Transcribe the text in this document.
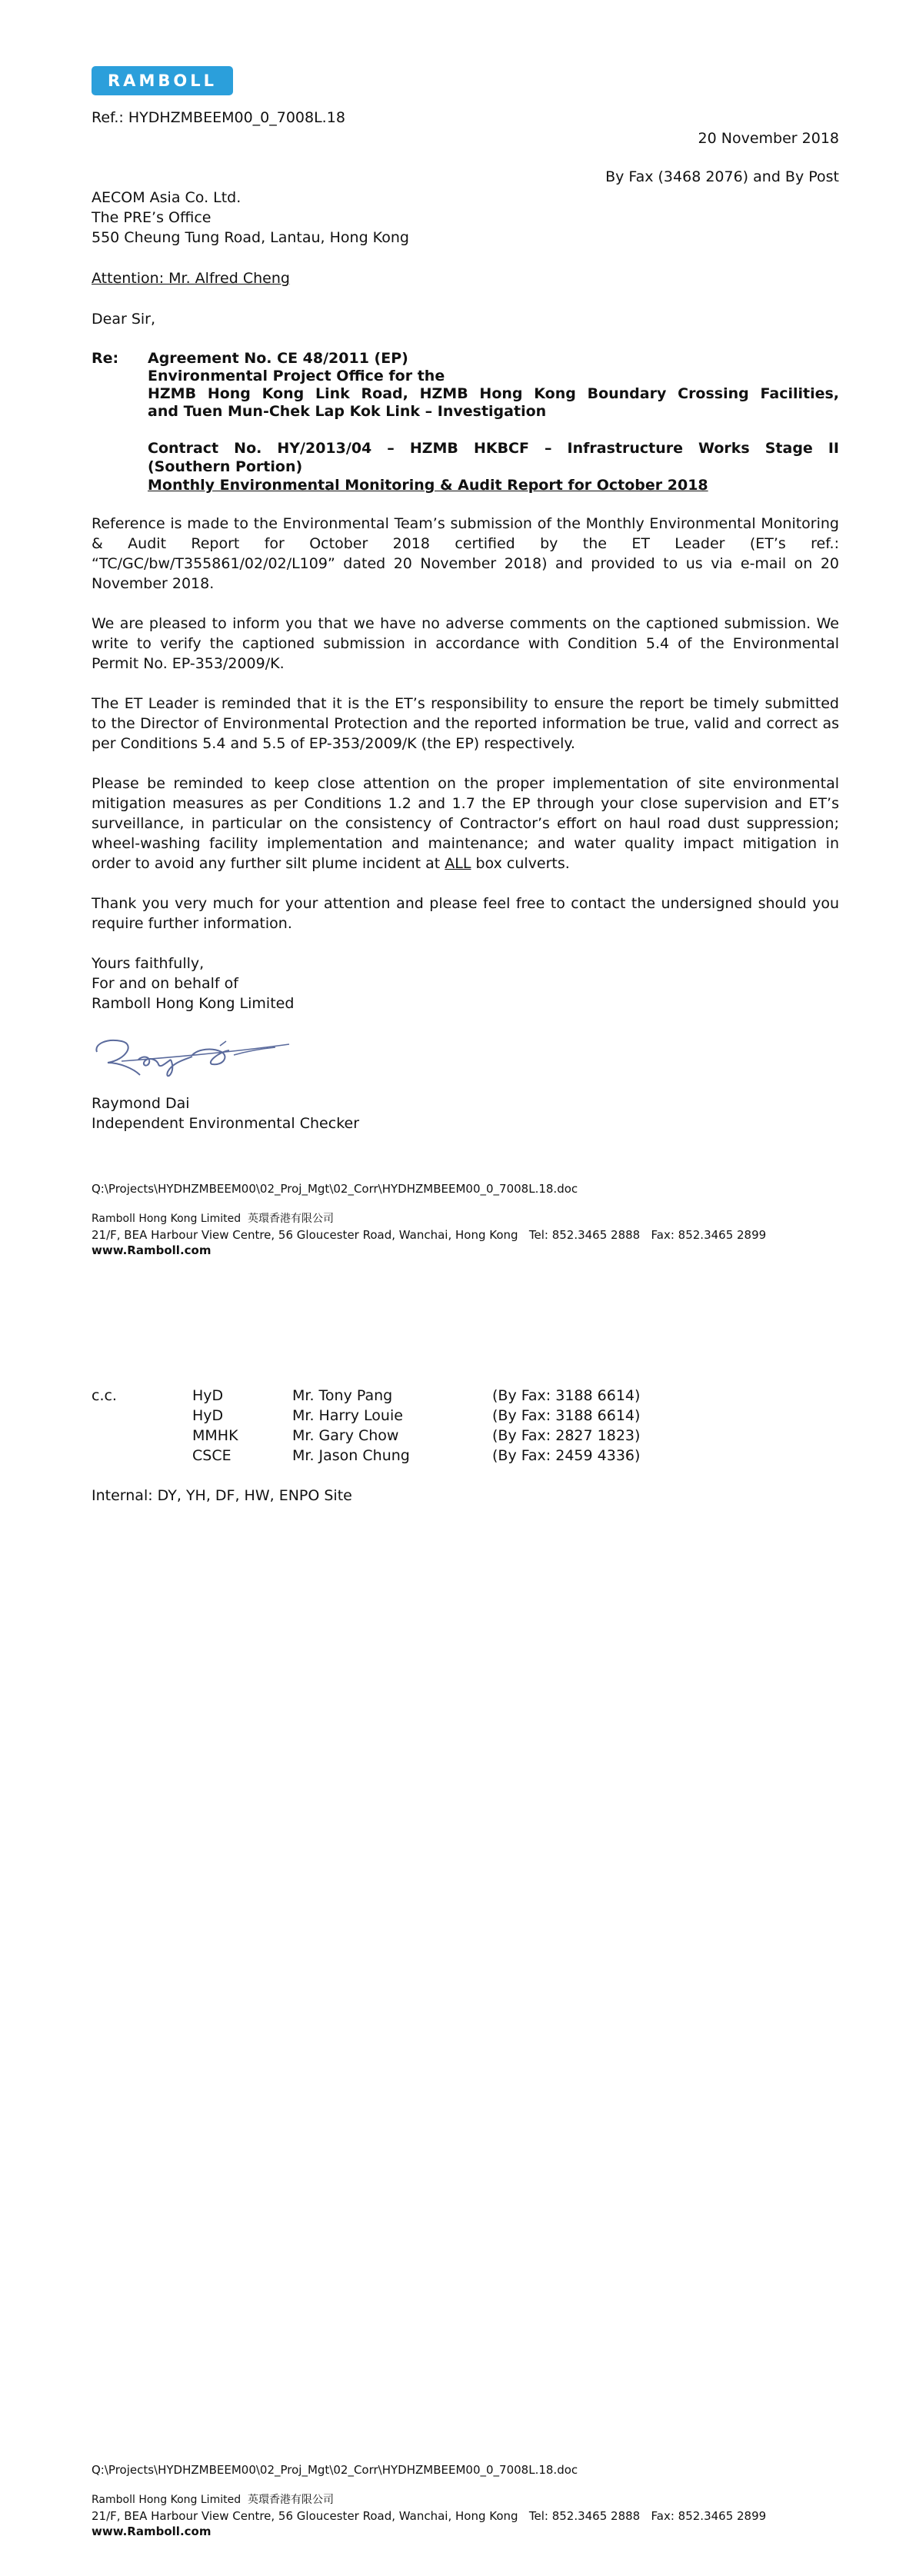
RAMBOLL
Ref.: HYDHZMBEEM00_0_7008L.18
20 November 2018
By Fax (3468 2076) and By Post
AECOM Asia Co. Ltd.
The PRE’s Office
550 Cheung Tung Road, Lantau, Hong Kong
Attention: Mr. Alfred Cheng
Dear Sir,
Re: Agreement No. CE 48/2011 (EP)
Environmental Project Office for the
HZMB Hong Kong Link Road, HZMB Hong Kong Boundary Crossing Facilities,
and Tuen Mun-Chek Lap Kok Link – Investigation
Contract No. HY/2013/04 – HZMB HKBCF – Infrastructure Works Stage II
(Southern Portion)
Monthly Environmental Monitoring & Audit Report for October 2018
Reference is made to the Environmental Team’s submission of the Monthly Environmental Monitoring & Audit Report for October 2018 certified by the ET Leader (ET’s ref.: “TC/GC/bw/T355861/02/02/L109” dated 20 November 2018) and provided to us via e-mail on 20 November 2018.
We are pleased to inform you that we have no adverse comments on the captioned submission. We write to verify the captioned submission in accordance with Condition 5.4 of the Environmental Permit No. EP-353/2009/K.
The ET Leader is reminded that it is the ET’s responsibility to ensure the report be timely submitted to the Director of Environmental Protection and the reported information be true, valid and correct as per Conditions 5.4 and 5.5 of EP-353/2009/K (the EP) respectively.
Please be reminded to keep close attention on the proper implementation of site environmental mitigation measures as per Conditions 1.2 and 1.7 the EP through your close supervision and ET’s surveillance, in particular on the consistency of Contractor’s effort on haul road dust suppression; wheel-washing facility implementation and maintenance; and water quality impact mitigation in order to avoid any further silt plume incident at ALL box culverts.
Thank you very much for your attention and please feel free to contact the undersigned should you require further information.
Yours faithfully,
For and on behalf of
Ramboll Hong Kong Limited
Raymond Dai
Independent Environmental Checker
Q:\Projects\HYDHZMBEEM00\02_Proj_Mgt\02_Corr\HYDHZMBEEM00_0_7008L.18.doc
Ramboll Hong Kong Limited 英環香港有限公司
21/F, BEA Harbour View Centre, 56 Gloucester Road, Wanchai, Hong Kong Tel: 852.3465 2888 Fax: 852.3465 2899
www.Ramboll.com
c.c.	HyD	Mr. Tony Pang	(By Fax: 3188 6614)
HyD	Mr. Harry Louie	(By Fax: 3188 6614)
MMHK	Mr. Gary Chow	(By Fax: 2827 1823)
CSCE	Mr. Jason Chung	(By Fax: 2459 4336)
Internal: DY, YH, DF, HW, ENPO Site
Q:\Projects\HYDHZMBEEM00\02_Proj_Mgt\02_Corr\HYDHZMBEEM00_0_7008L.18.doc
Ramboll Hong Kong Limited 英環香港有限公司
21/F, BEA Harbour View Centre, 56 Gloucester Road, Wanchai, Hong Kong Tel: 852.3465 2888 Fax: 852.3465 2899
www.Ramboll.com
